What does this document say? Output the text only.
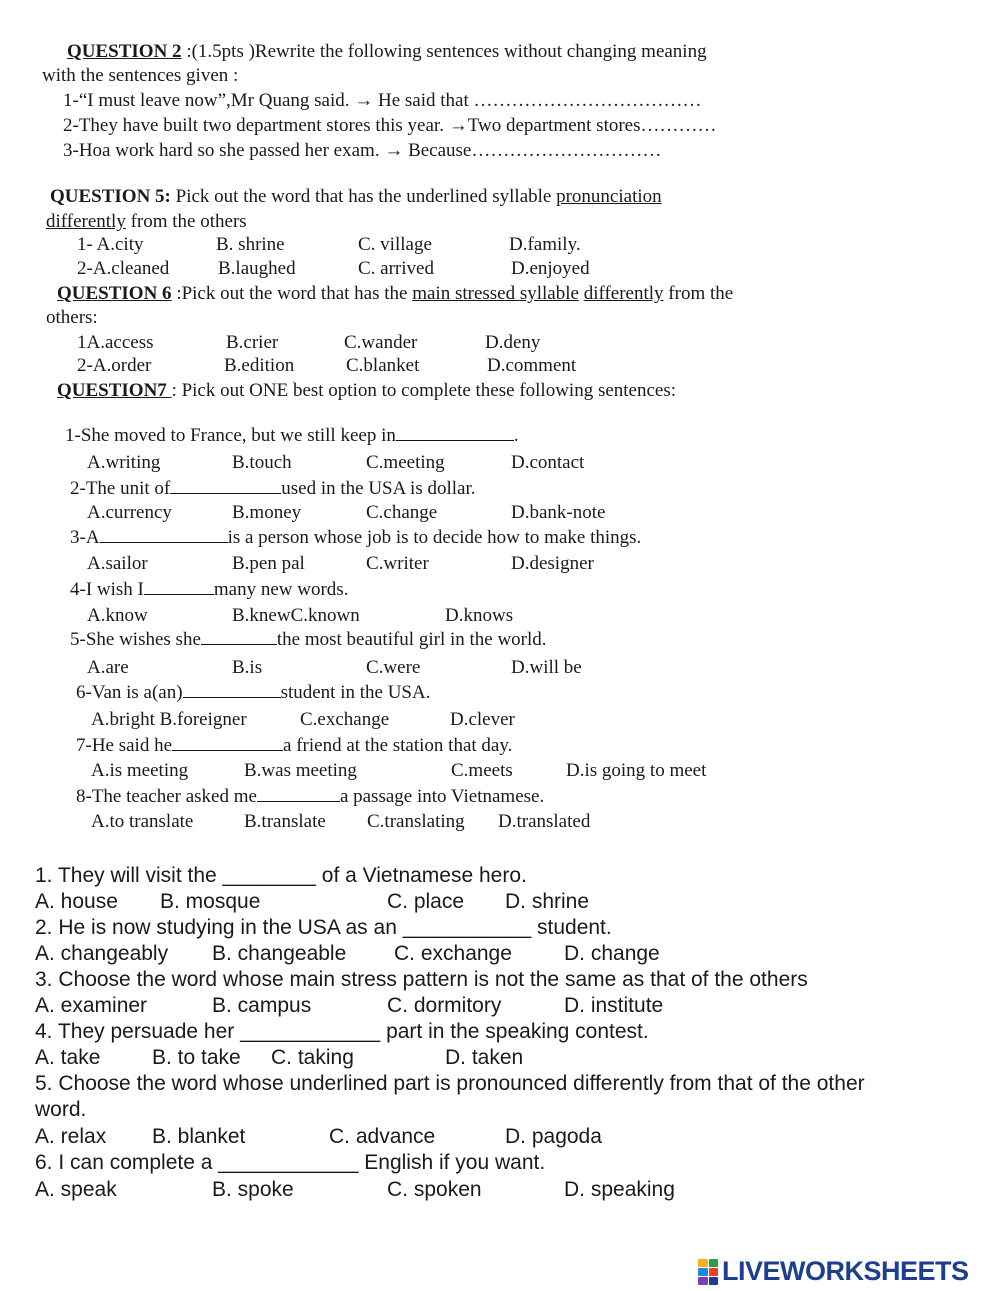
QUESTION 2 :(1.5pts )Rewrite the following sentences without changing meaning
with the sentences given :
1-“I must leave now”,Mr Quang said. → He said that ………………………………
2-They have built two department stores this year. →Two department stores…………
3-Hoa work hard so she passed her exam. → Because…………………………
QUESTION 5: Pick out the word that has the underlined syllable pronunciation
differently from the others
1- A.city	B. shrine	C. village	D.family.
2-A.cleaned	B.laughed	C. arrived	D.enjoyed
QUESTION 6 :Pick out the word that has the main stressed syllable differently from the
others:
1A.access	B.crier	C.wander	D.deny
2-A.order	B.edition	C.blanket	D.comment
QUESTION7 : Pick out ONE best option to complete these following sentences:
1-She moved to France, but we still keep in	.
A.writing	B.touch	C.meeting	D.contact
2-The unit of	used in the USA is dollar.
A.currency	B.money	C.change	D.bank-note
3-A	is a person whose job is to decide how to make things.
A.sailor	B.pen pal	C.writer	D.designer
4-I wish I	many new words.
A.know	B.knewC.known	D.knows
5-She wishes she	the most beautiful girl in the world.
A.are	B.is	C.were	D.will be
6-Van is a(an)	student in the USA.
A.bright B.foreigner	C.exchange	D.clever
7-He said he	a friend at the station that day.
A.is meeting	B.was meeting	C.meets	D.is going to meet
8-The teacher asked me	a passage into Vietnamese.
A.to translate	B.translate C.translating D.translated
1. They will visit the ________ of a Vietnamese hero.
A. house B. mosque	C. place D. shrine
2. He is now studying in the USA as an ___________ student.
A. changeably B. changeable C. exchange D. change
3. Choose the word whose main stress pattern is not the same as that of the others
A. examiner	B. campus	C. dormitory	D. institute
4. They persuade her ____________ part in the speaking contest.
A. take B. to take C. taking	D. taken
5. Choose the word whose underlined part is pronounced differently from that of the other
word.
A. relax B. blanket	C. advance	D. pagoda
6. I can complete a ____________ English if you want.
A. speak	B. spoke	C. spoken	D. speaking
LIVEWORKSHEETS
